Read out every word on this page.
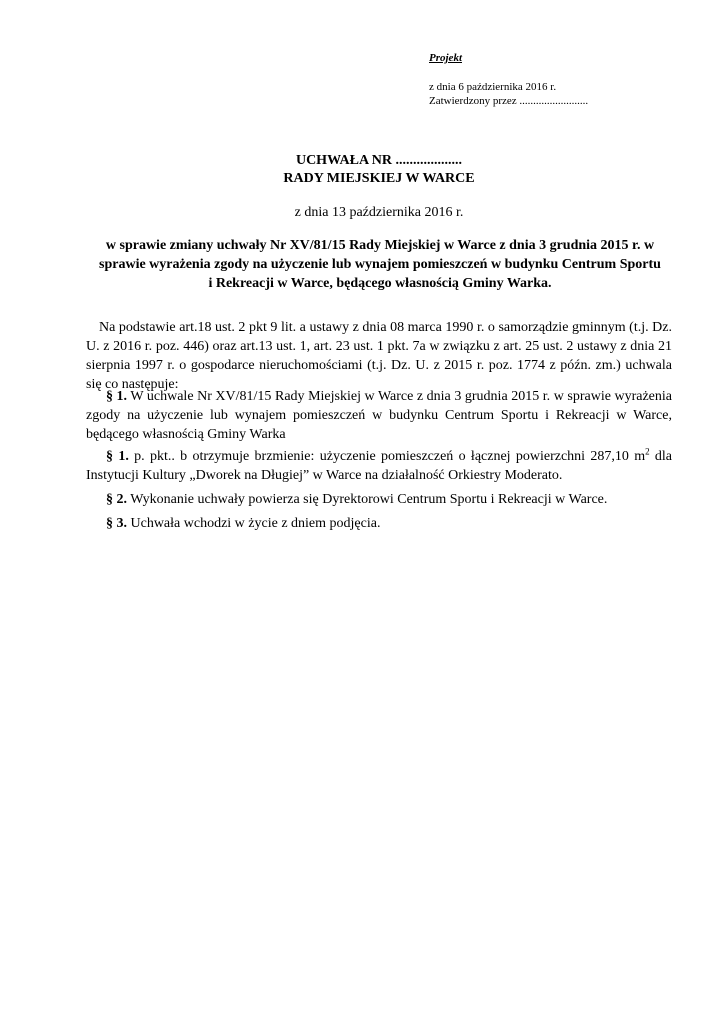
Projekt
z dnia 6 października 2016 r.
Zatwierdzony przez .........................
UCHWAŁA NR ...................
RADY MIEJSKIEJ W WARCE
z dnia 13 października 2016 r.
w sprawie zmiany uchwały Nr XV/81/15 Rady Miejskiej w Warce z dnia 3 grudnia 2015 r. w
sprawie wyrażenia zgody na użyczenie lub wynajem pomieszczeń w budynku Centrum Sportu
i Rekreacji w Warce, będącego własnością Gminy Warka.
Na podstawie art.18 ust. 2 pkt 9 lit. a ustawy z dnia 08 marca 1990 r. o samorządzie gminnym (t.j. Dz. U. z 2016 r. poz. 446) oraz art.13 ust. 1, art. 23 ust. 1 pkt. 7a w związku z art. 25 ust. 2 ustawy z dnia 21 sierpnia 1997 r. o gospodarce nieruchomościami (t.j. Dz. U. z 2015 r. poz. 1774 z późn. zm.) uchwala się co następuje:
§ 1. W uchwale Nr XV/81/15 Rady Miejskiej w Warce z dnia 3 grudnia 2015 r. w sprawie wyrażenia zgody na użyczenie lub wynajem pomieszczeń w budynku Centrum Sportu i Rekreacji w Warce, będącego własnością Gminy Warka
§ 1. p. pkt.. b otrzymuje brzmienie: użyczenie pomieszczeń o łącznej powierzchni 287,10 $m^2$ dla Instytucji Kultury „Dworek na Długiej” w Warce na działalność Orkiestry Moderato.
§ 2. Wykonanie uchwały powierza się Dyrektorowi Centrum Sportu i Rekreacji w Warce.
§ 3. Uchwała wchodzi w życie z dniem podjęcia.
